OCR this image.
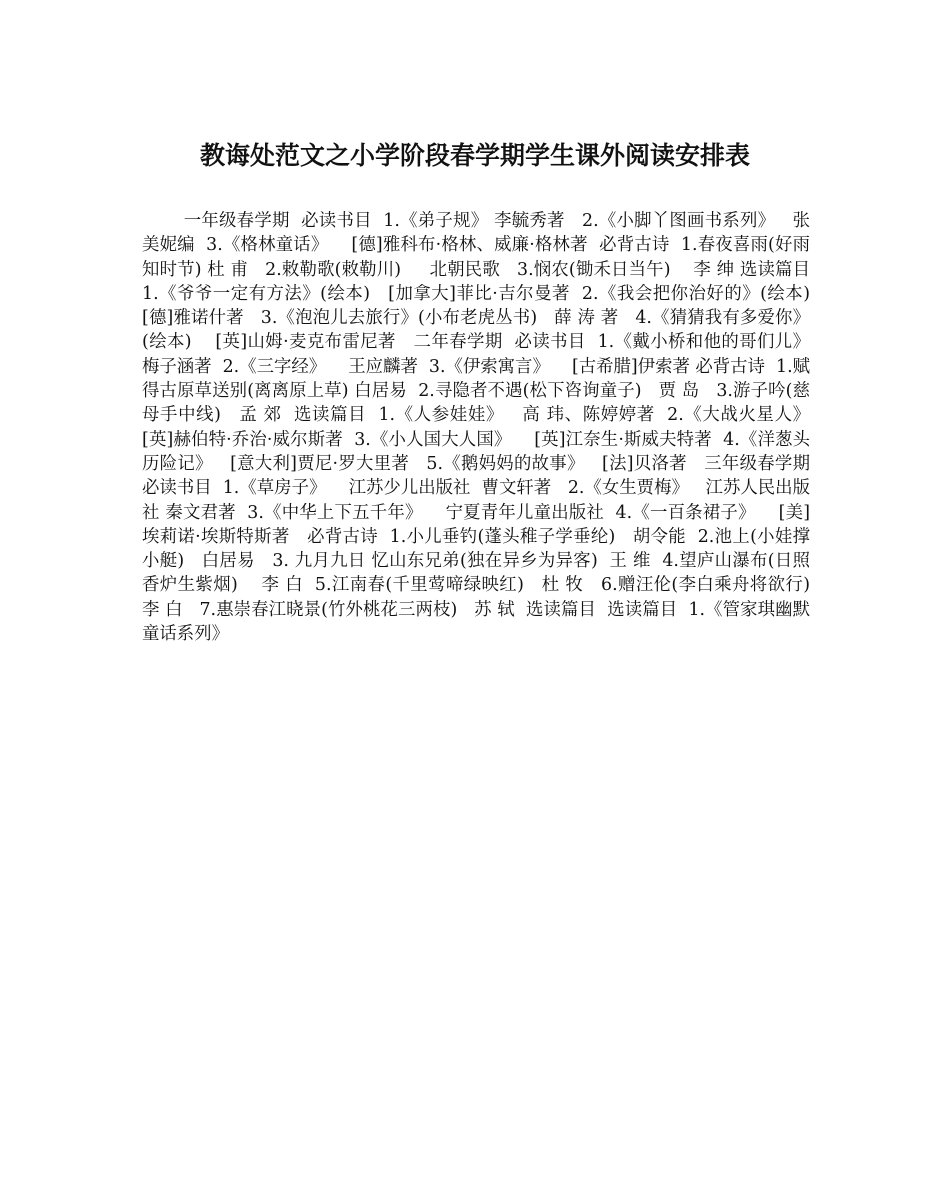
教诲处范文之小学阶段春学期学生课外阅读安排表

一年级春学期  必读书目  1.《弟子规》 李毓秀著   2.《小脚丫图画书系列》   张美妮编  3.《格林童话》    [德]雅科布·格林、威廉·格林著  必背古诗  1.春夜喜雨(好雨知时节) 杜 甫   2.敕勒歌(敕勒川)     北朝民歌   3.悯农(锄禾日当午)    李 绅 选读篇目  1.《爷爷一定有方法》(绘本)   [加拿大]菲比·吉尔曼著  2.《我会把你治好的》(绘本)  [德]雅诺什著   3.《泡泡儿去旅行》(小布老虎丛书)   薛 涛 著   4.《猜猜我有多爱你》(绘本)    [英]山姆·麦克布雷尼著   二年春学期  必读书目  1.《戴小桥和他的哥们儿》   梅子涵著  2.《三字经》    王应麟著  3.《伊索寓言》    [古希腊]伊索著 必背古诗  1.赋得古原草送别(离离原上草) 白居易  2.寻隐者不遇(松下咨询童子)   贾 岛   3.游子吟(慈母手中线)   孟 郊  选读篇目  1.《人参娃娃》   高 玮、陈婷婷著  2.《大战火星人》    [英]赫伯特·乔治·威尔斯著  3.《小人国大人国》    [英]江奈生·斯威夫特著  4.《洋葱头历险记》   [意大利]贾尼·罗大里著   5.《鹅妈妈的故事》   [法]贝洛著   三年级春学期  必读书目  1.《草房子》    江苏少儿出版社  曹文轩著   2.《女生贾梅》   江苏人民出版社 秦文君著  3.《中华上下五千年》    宁夏青年儿童出版社  4.《一百条裙子》    [美]埃莉诺·埃斯特斯著   必背古诗  1.小儿垂钓(蓬头稚子学垂纶)   胡令能  2.池上(小娃撑小艇)   白居易   3. 九月九日 忆山东兄弟(独在异乡为异客)  王 维  4.望庐山瀑布(日照香炉生紫烟)    李 白  5.江南春(千里莺啼绿映红)   杜 牧   6.赠汪伦(李白乘舟将欲行)   李 白   7.惠崇春江晓景(竹外桃花三两枝)   苏 轼  选读篇目  选读篇目  1.《管家琪幽默童话系列》
